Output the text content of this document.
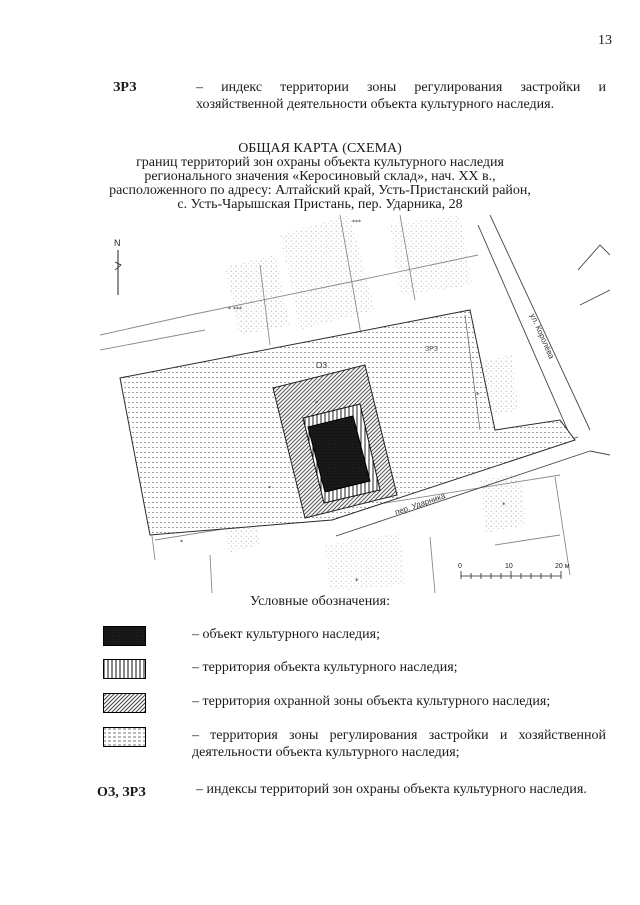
13
ЗРЗ	– индекс территории зоны регулирования застройки и хозяйственной деятельности объекта культурного наследия.
ОБЩАЯ КАРТА (СХЕМА)
границ территорий зон охраны объекта культурного наследия
регионального значения «Керосиновый склад», нач. ХХ в.,
расположенного по адресу: Алтайский край, Усть-Пристанский район,
с. Усть-Чарышская Пристань, пер. Ударника, 28
ОЗ
ЗРЗ	ул. Королёва
пер. Ударника
* ***
*
*
*
*
*
*
***
N
0	10	20 м
Условные обозначения:
– объект культурного наследия;
– территория объекта культурного наследия;
– территория охранной зоны объекта культурного наследия;
– территория зоны регулирования застройки и хозяйственной деятельности объекта культурного наследия;
ОЗ, ЗРЗ	– индексы территорий зон охраны объекта культурного наследия.
